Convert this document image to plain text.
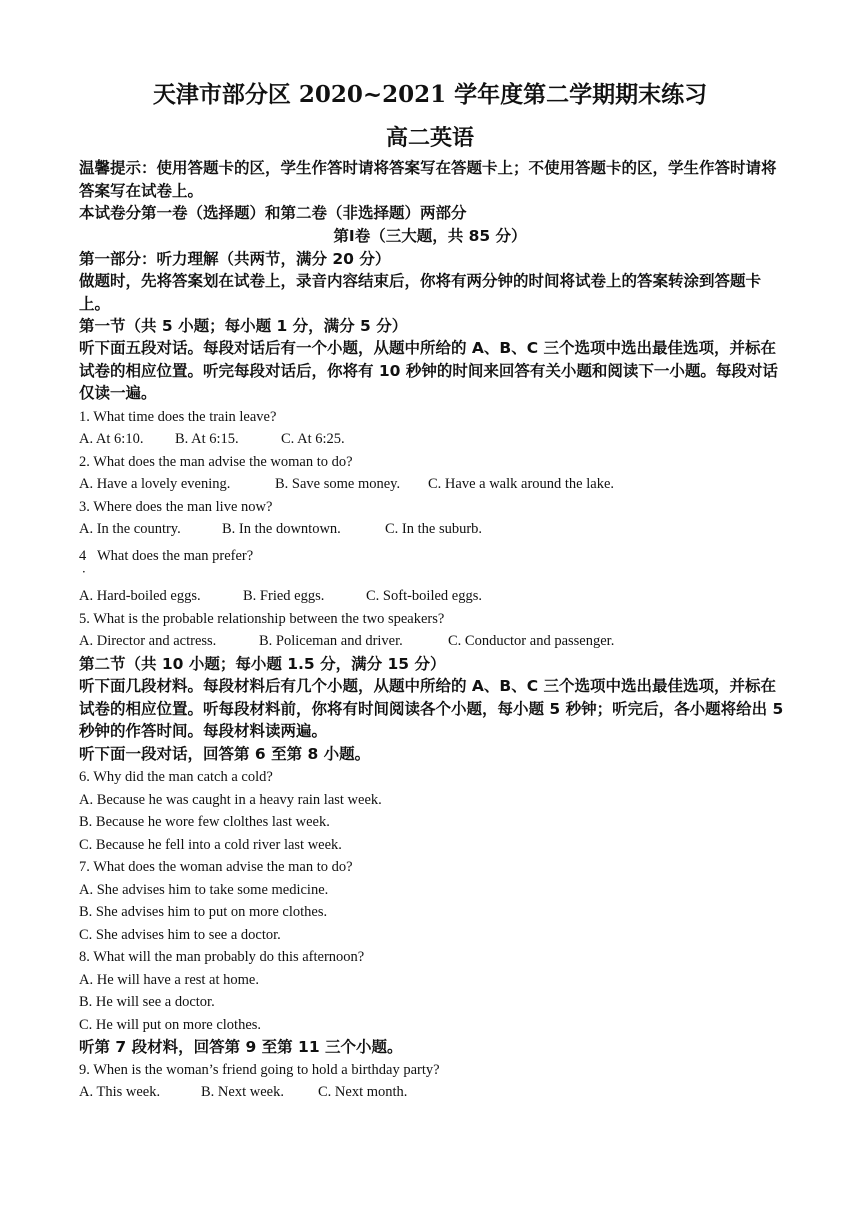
天津市部分区 2020~2021 学年度第二学期期末练习
高二英语
温馨提示：使用答题卡的区，学生作答时请将答案写在答题卡上；不使用答题卡的区，学生作答时请将答案写在试卷上。
本试卷分第一卷（选择题）和第二卷（非选择题）两部分
第Ⅰ卷（三大题，共 85 分）
第一部分：听力理解（共两节，满分 20 分）
做题时，先将答案划在试卷上，录音内容结束后，你将有两分钟的时间将试卷上的答案转涂到答题卡上。
第一节（共 5 小题；每小题 1 分，满分 5 分）
听下面五段对话。每段对话后有一个小题，从题中所给的 A、B、C 三个选项中选出最佳选项，并标在试卷的相应位置。听完每段对话后，你将有 10 秒钟的时间来回答有关小题和阅读下一小题。每段对话仅读一遍。
1. What time does the train leave?
A. At 6:10. B. At 6:15.	C. At 6:25.
2. What does the man advise the woman to do?
A. Have a lovely evening.	B. Save some money. C. Have a walk around the lake.
3. Where does the man live now?
A. In the country.	B. In the downtown.	C. In the suburb.
4
．
What does the man prefer?
A. Hard-boiled eggs.	B. Fried eggs.	C. Soft-boiled eggs.
5. What is the probable relationship between the two speakers?
A. Director and actress.	B. Policeman and driver.	C. Conductor and passenger.
第二节（共 10 小题；每小题 1.5 分，满分 15 分）
听下面几段材料。每段材料后有几个小题，从题中所给的 A、B、C 三个选项中选出最佳选项，并标在试卷的相应位置。听每段材料前，你将有时间阅读各个小题，每小题 5 秒钟；听完后，各小题将给出 5 秒钟的作答时间。每段材料读两遍。
听下面一段对话，回答第 6 至第 8 小题。
6. Why did the man catch a cold?
A. Because he was caught in a heavy rain last week.
B. Because he wore few clolthes last week.
C. Because he fell into a cold river last week.
7. What does the woman advise the man to do?
A. She advises him to take some medicine.
B. She advises him to put on more clothes.
C. She advises him to see a doctor.
8. What will the man probably do this afternoon?
A. He will have a rest at home.
B. He will see a doctor.
C. He will put on more clothes.
听第 7 段材料，回答第 9 至第 11 三个小题。
9. When is the woman’s friend going to hold a birthday party?
A. This week.	B. Next week. C. Next month.
